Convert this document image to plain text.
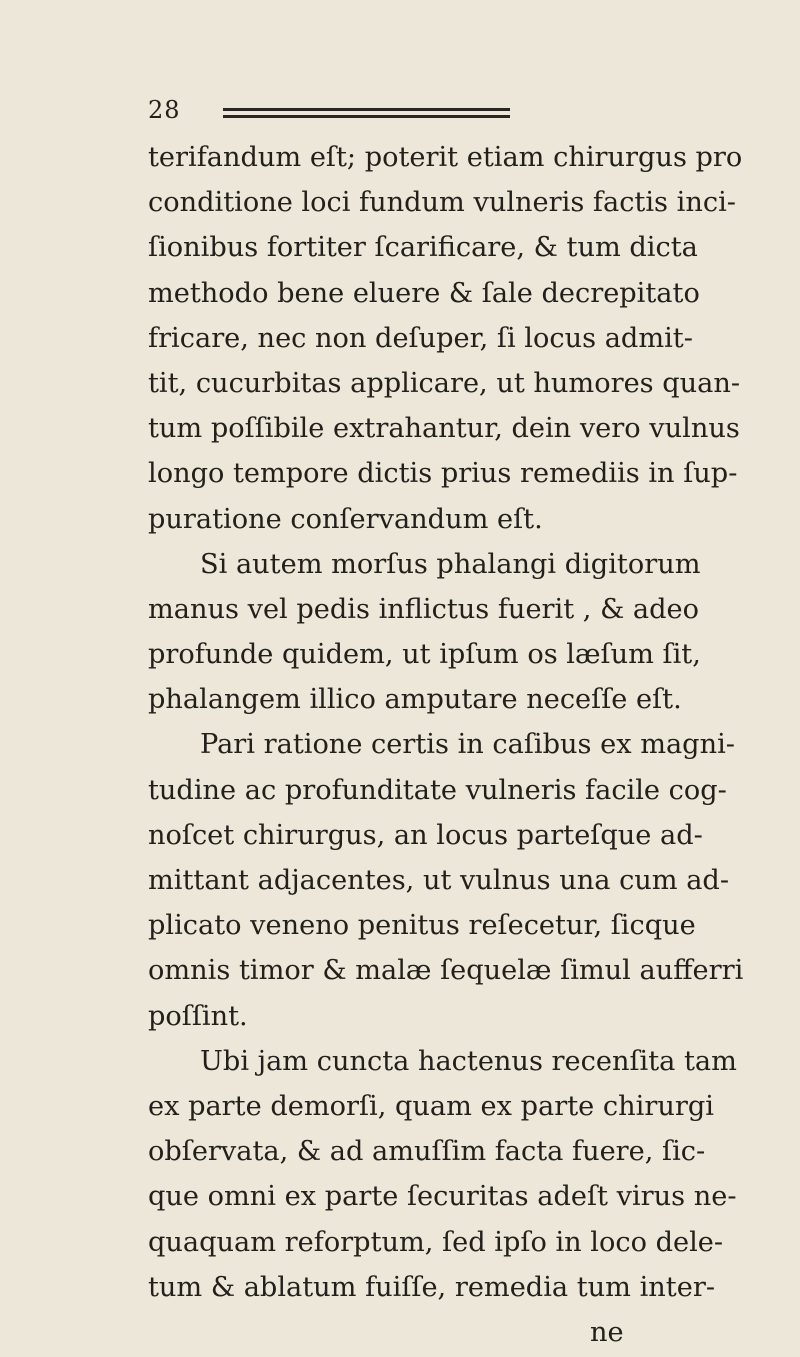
28
terifandum eſt; poterit etiam chirurgus pro
conditione loci fundum vulneris factis inci-
ſionibus fortiter ſcarificare, & tum dicta
methodo bene eluere & ſale decrepitato
fricare, nec non deſuper, ſi locus admit-
tit, cucurbitas applicare, ut humores quan-
tum poſſibile extrahantur, dein vero vulnus
longo tempore dictis prius remediis in ſup-
puratione conſervandum eſt.
Si autem morſus phalangi digitorum
manus vel pedis inflictus fuerit , & adeo
profunde quidem, ut ipſum os læſum ſit,
phalangem illico amputare neceſſe eſt.
Pari ratione certis in caſibus ex magni-
tudine ac profunditate vulneris facile cog-
noſcet chirurgus, an locus parteſque ad-
mittant adjacentes, ut vulnus una cum ad-
plicato veneno penitus reſecetur, ſicque
omnis timor & malæ ſequelæ ſimul aufferri
poſſint.
Ubi jam cuncta hactenus recenſita tam
ex parte demorſi, quam ex parte chirurgi
obſervata, & ad amuſſim facta fuere, ſic-
que omni ex parte ſecuritas adeſt virus ne-
quaquam reforptum, ſed ipſo in loco dele-
tum & ablatum fuiſſe, remedia tum inter-
ne
